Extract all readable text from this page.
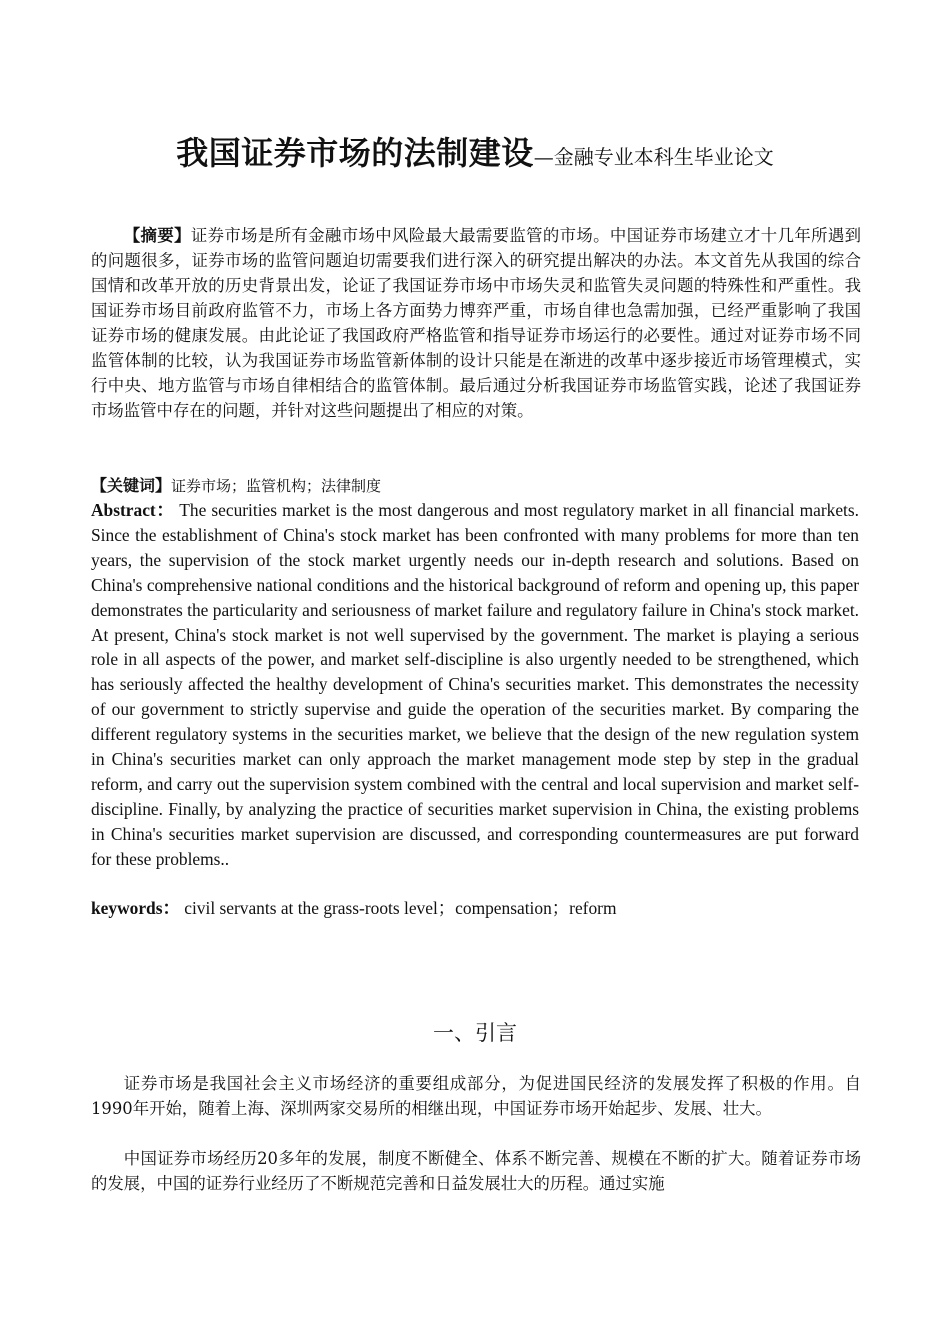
我国证券市场的法制建设—金融专业本科生毕业论文

【摘要】证券市场是所有金融市场中风险最大最需要监管的市场。中国证券市场建立才十几年所遇到的问题很多，证券市场的监管问题迫切需要我们进行深入的研究提出解决的办法。本文首先从我国的综合国情和改革开放的历史背景出发，论证了我国证券市场中市场失灵和监管失灵问题的特殊性和严重性。我国证券市场目前政府监管不力，市场上各方面势力博弈严重，市场自律也急需加强，已经严重影响了我国证券市场的健康发展。由此论证了我国政府严格监管和指导证券市场运行的必要性。通过对证券市场不同监管体制的比较，认为我国证券市场监管新体制的设计只能是在渐进的改革中逐步接近市场管理模式，实行中央、地方监管与市场自律相结合的监管体制。最后通过分析我国证券市场监管实践，论述了我国证券市场监管中存在的问题，并针对这些问题提出了相应的对策。

【关键词】证券市场；监管机构；法律制度

Abstract： The securities market is the most dangerous and most regulatory market in all financial markets. Since the establishment of China's stock market has been confronted with many problems for more than ten years, the supervision of the stock market urgently needs our in-depth research and solutions. Based on China's comprehensive national conditions and the historical background of reform and opening up, this paper demonstrates the particularity and seriousness of market failure and regulatory failure in China's stock market. At present, China's stock market is not well supervised by the government. The market is playing a serious role in all aspects of the power, and market self-discipline is also urgently needed to be strengthened, which has seriously affected the healthy development of China's securities market. This demonstrates the necessity of our government to strictly supervise and guide the operation of the securities market. By comparing the different regulatory systems in the securities market, we believe that the design of the new regulation system in China's securities market can only approach the market management mode step by step in the gradual reform, and carry out the supervision system combined with the central and local supervision and market self-discipline. Finally, by analyzing the practice of securities market supervision in China, the existing problems in China's securities market supervision are discussed, and corresponding countermeasures are put forward for these problems..

keywords： civil servants at the grass-roots level；compensation；reform
一、引言

证券市场是我国社会主义市场经济的重要组成部分，为促进国民经济的发展发挥了积极的作用。自1990年开始，随着上海、深圳两家交易所的相继出现，中国证券市场开始起步、发展、壮大。

中国证券市场经历20多年的发展，制度不断健全、体系不断完善、规模在不断的扩大。随着证券市场的发展，中国的证券行业经历了不断规范完善和日益发展壮大的历程。通过实施
